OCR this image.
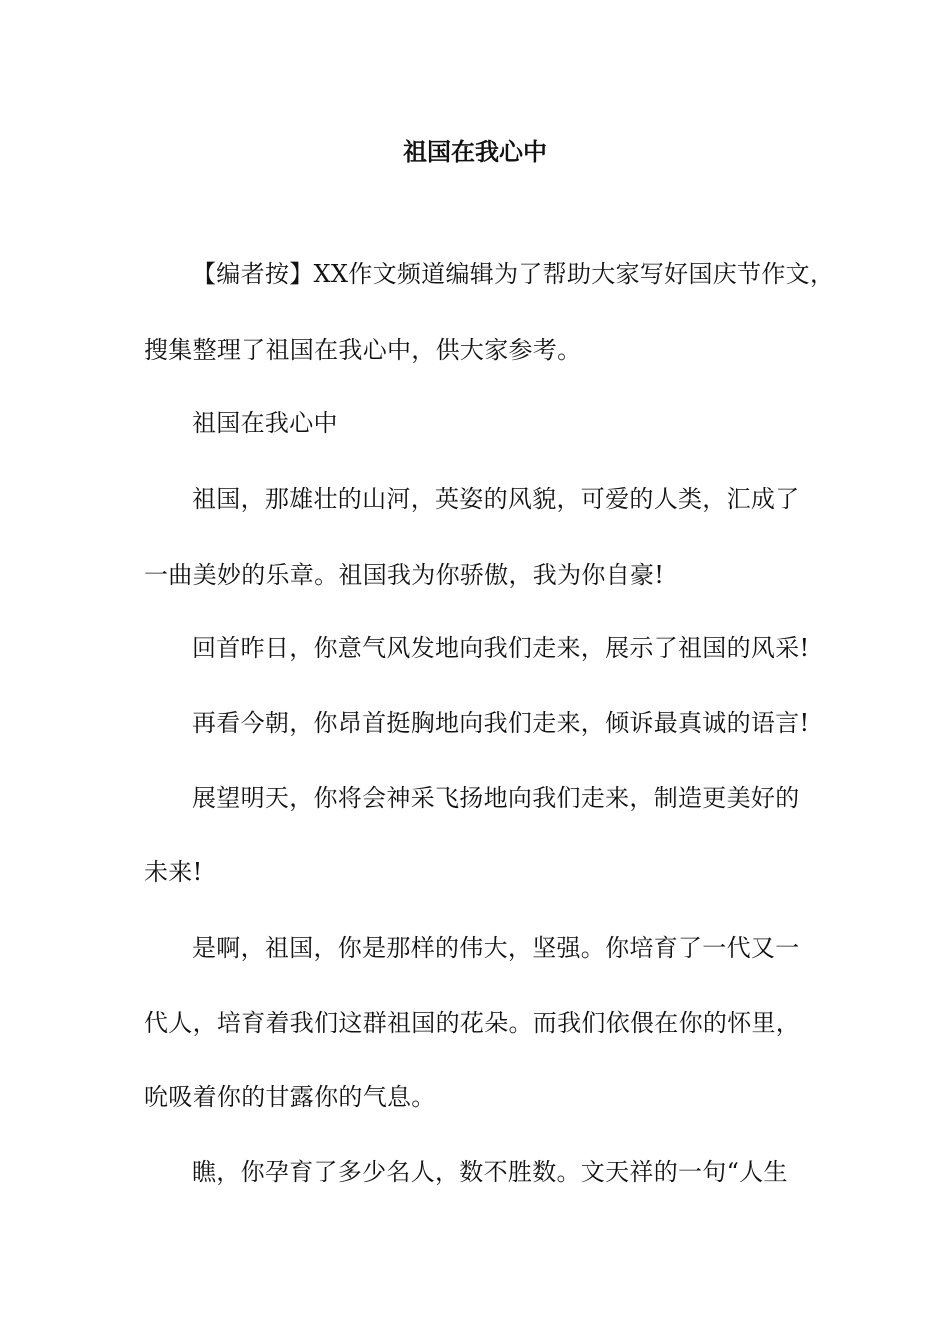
祖国在我心中
【编者按】XX作文频道编辑为了帮助大家写好国庆节作文，
搜集整理了祖国在我心中，供大家参考。
祖国在我心中
祖国，那雄壮的山河，英姿的风貌，可爱的人类，汇成了
一曲美妙的乐章。祖国我为你骄傲，我为你自豪!
回首昨日，你意气风发地向我们走来，展示了祖国的风采!
再看今朝，你昂首挺胸地向我们走来，倾诉最真诚的语言!
展望明天，你将会神采飞扬地向我们走来，制造更美好的
未来!
是啊，祖国，你是那样的伟大，坚强。你培育了一代又一
代人，培育着我们这群祖国的花朵。而我们依偎在你的怀里，
吮吸着你的甘露你的气息。
瞧，你孕育了多少名人，数不胜数。文天祥的一句“人生
